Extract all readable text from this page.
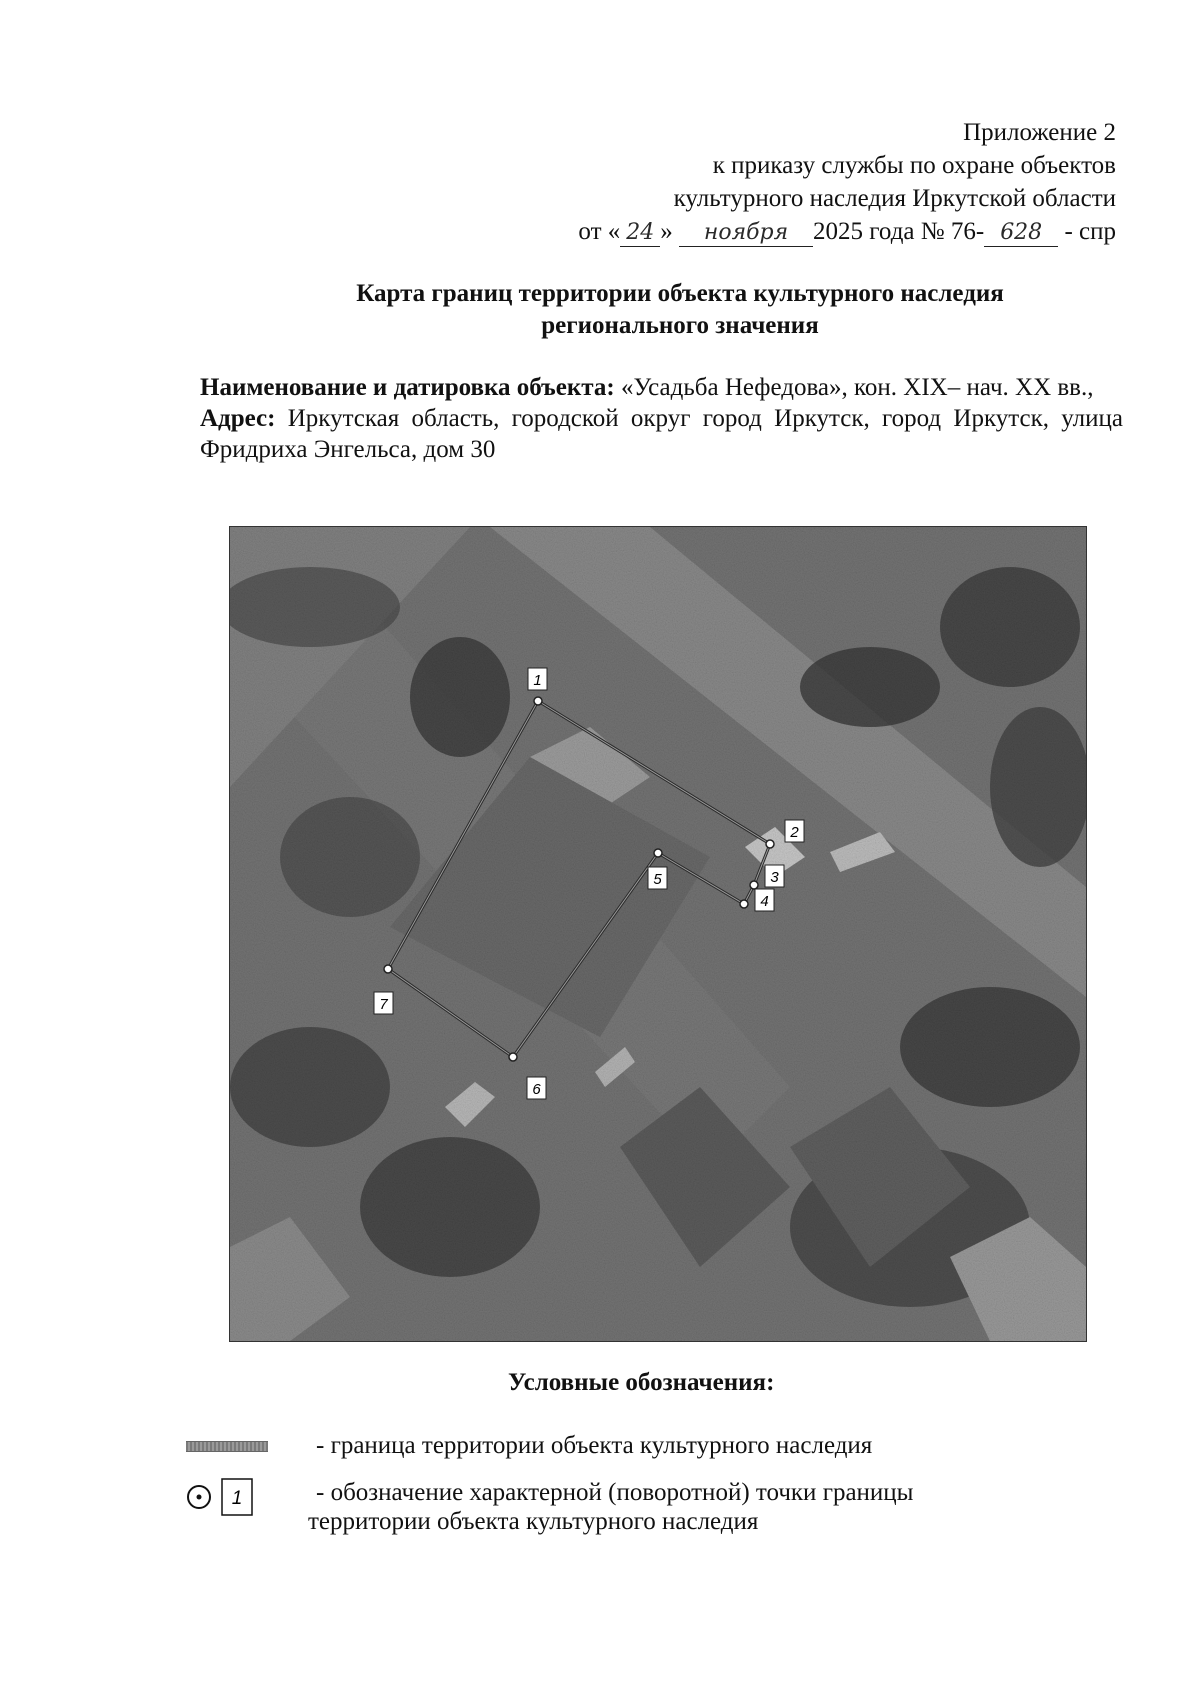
Приложение 2
к приказу службы по охране объектов
культурного наследия Иркутской области
от « 24 » ноября 2025 года № 76- 628 - спр
Карта границ территории объекта культурного наследия
регионального значения

Наименование и датировка объекта: «Усадьба Нефедова», кон. XIX– нач. XX вв.,

Адрес: Иркутская область, городской округ город Иркутск, город Иркутск, улица Фридриха Энгельса, дом 30

1
2
3
4
5
6
7
Условные обозначения:
- граница территории объекта культурного наследия
1	- обозначение характерной (поворотной) точки границы
территории объекта культурного наследия
